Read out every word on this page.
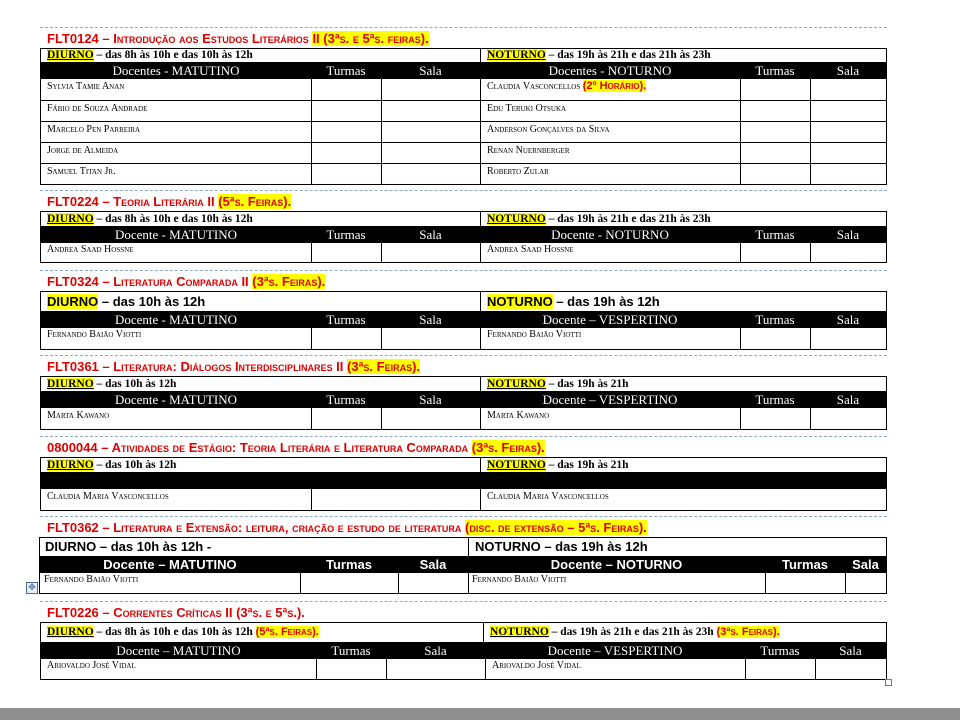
FLT0124 – Introdução aos Estudos Literários II (3ªs. e 5ªs. feiras).
DIURNO – das 8h às 10h e das 10h às 12h	NOTURNO – das 19h às 21h e das 21h às 23h
Docentes - MATUTINO	Turmas	Sala	Docentes - NOTURNO	Turmas	Sala
Sylvia Tamie Anan	Claudia Vasconcellos (2º Horário).
Fábio de Souza Andrade	Edu Teruki Otsuka
Marcelo Pen Parreira	Anderson Gonçalves da Silva
Jorge de Almeida	Renan Nuernberger
Samuel Titan Jr.	Roberto Zular
FLT0224 – Teoria Literária II (5ªs. Feiras).
DIURNO – das 8h às 10h e das 10h às 12h	NOTURNO – das 19h às 21h e das 21h às 23h
Docente - MATUTINO	Turmas	Sala	Docente - NOTURNO	Turmas	Sala
Andrea Saad Hossne	Andrea Saad Hossne
FLT0324 – Literatura Comparada II (3ªs. Feiras).
DIURNO – das 10h às 12h	NOTURNO – das 19h às 12h
Docente - MATUTINO	Turmas	Sala	Docente – VESPERTINO	Turmas	Sala
Fernando Baião Viotti	Fernando Baião Viotti
FLT0361 – Literatura: Diálogos Interdisciplinares II (3ªs. Feiras).
DIURNO – das 10h às 12h	NOTURNO – das 19h às 21h
Docente - MATUTINO	Turmas	Sala	Docente – VESPERTINO	Turmas	Sala
Marta Kawano	Marta Kawano
0800044 – Atividades de Estágio: Teoria Literária e Literatura Comparada (3ªs. Feiras).
DIURNO – das 10h às 12h	NOTURNO – das 19h às 21h
Claudia Maria Vasconcellos	Claudia Maria Vasconcellos
FLT0362 – Literatura e Extensão: leitura, criação e estudo de literatura (disc. de extensão – 5ªs. Feiras).
DIURNO – das 10h às 12h -	NOTURNO – das 19h às 12h
Docente – MATUTINO	Turmas	Sala	Docente – NOTURNO	Turmas	Sala
Fernando Baião Viotti	Fernando Baião Viotti
FLT0226 – Correntes Críticas II (3ªs. e 5ªs.).
DIURNO – das 8h às 10h e das 10h às 12h (5ªs. Feiras).	NOTURNO – das 19h às 21h e das 21h às 23h (3ªs. Feiras).
Docente – MATUTINO	Turmas	Sala	Docente – VESPERTINO	Turmas	Sala
Ariovaldo José Vidal	Ariovaldo José Vidal
✥
